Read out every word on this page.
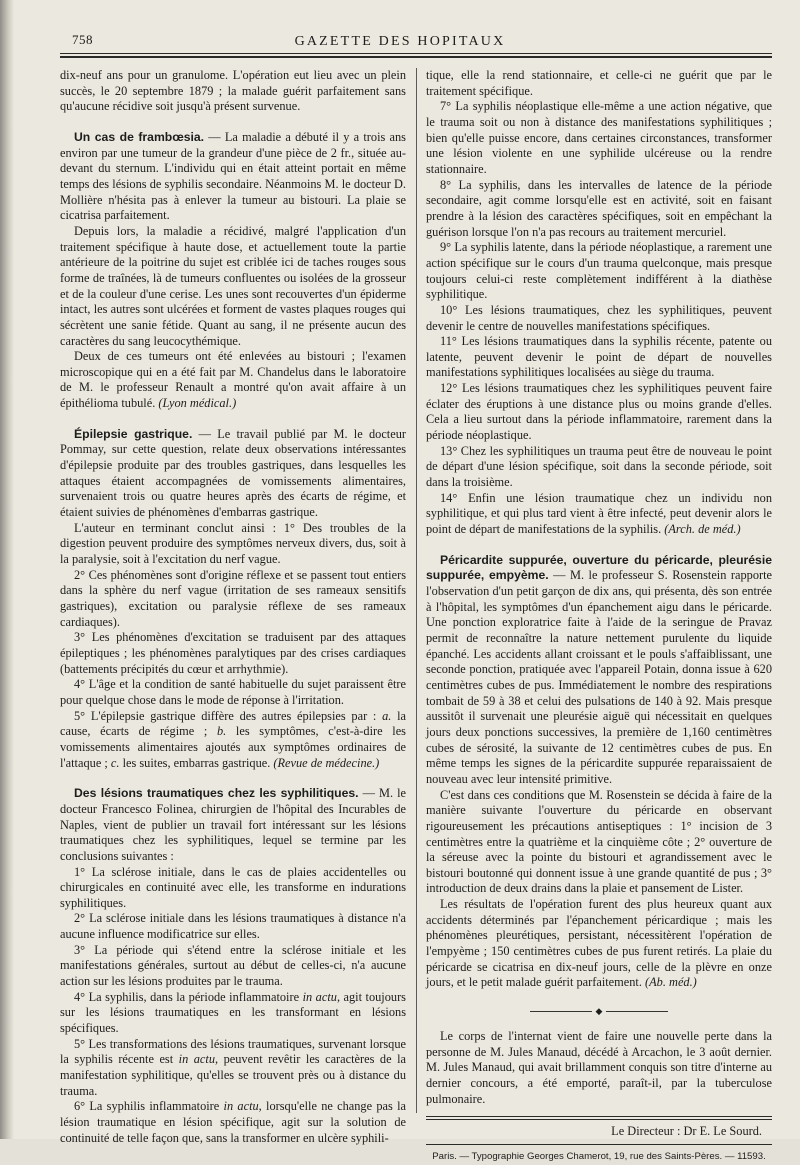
758	GAZETTE DES HOPITAUX

dix-neuf ans pour un granulome. L'opération eut lieu avec un plein succès, le 20 septembre 1879 ; la malade guérit parfaitement sans qu'aucune récidive soit jusqu'à présent survenue.

Un cas de frambœsia. — La maladie a débuté il y a trois ans environ par une tumeur de la grandeur d'une pièce de 2 fr., située au-devant du sternum. L'individu qui en était atteint portait en même temps des lésions de syphilis secondaire. Néanmoins M. le docteur D. Mollière n'hésita pas à enlever la tumeur au bistouri. La plaie se cicatrisa parfaitement.

Depuis lors, la maladie a récidivé, malgré l'application d'un traitement spécifique à haute dose, et actuellement toute la partie antérieure de la poitrine du sujet est criblée ici de taches rouges sous forme de traînées, là de tumeurs confluentes ou isolées de la grosseur et de la couleur d'une cerise. Les unes sont recouvertes d'un épiderme intact, les autres sont ulcérées et forment de vastes plaques rouges qui sécrètent une sanie fétide. Quant au sang, il ne présente aucun des caractères du sang leucocythémique.

Deux de ces tumeurs ont été enlevées au bistouri ; l'examen microscopique qui en a été fait par M. Chandelus dans le laboratoire de M. le professeur Renault a montré qu'on avait affaire à un épithélioma tubulé. (Lyon médical.)

Épilepsie gastrique. — Le travail publié par M. le docteur Pommay, sur cette question, relate deux observations intéressantes d'épilepsie produite par des troubles gastriques, dans lesquelles les attaques étaient accompagnées de vomissements alimentaires, survenaient trois ou quatre heures après des écarts de régime, et étaient suivies de phénomènes d'embarras gastrique.

L'auteur en terminant conclut ainsi : 1° Des troubles de la digestion peuvent produire des symptômes nerveux divers, dus, soit à la paralysie, soit à l'excitation du nerf vague.

2° Ces phénomènes sont d'origine réflexe et se passent tout entiers dans la sphère du nerf vague (irritation de ses rameaux sensitifs gastriques), excitation ou paralysie réflexe de ses rameaux cardiaques).

3° Les phénomènes d'excitation se traduisent par des attaques épileptiques ; les phénomènes paralytiques par des crises cardiaques (battements précipités du cœur et arrhythmie).

4° L'âge et la condition de santé habituelle du sujet paraissent être pour quelque chose dans le mode de réponse à l'irritation.

5° L'épilepsie gastrique diffère des autres épilepsies par : a. la cause, écarts de régime ; b. les symptômes, c'est-à-dire les vomissements alimentaires ajoutés aux symptômes ordinaires de l'attaque ; c. les suites, embarras gastrique. (Revue de médecine.)

Des lésions traumatiques chez les syphilitiques. — M. le docteur Francesco Folinea, chirurgien de l'hôpital des Incurables de Naples, vient de publier un travail fort intéressant sur les lésions traumatiques chez les syphilitiques, lequel se termine par les conclusions suivantes :

1° La sclérose initiale, dans le cas de plaies accidentelles ou chirurgicales en continuité avec elle, les transforme en indurations syphilitiques.

2° La sclérose initiale dans les lésions traumatiques à distance n'a aucune influence modificatrice sur elles.

3° La période qui s'étend entre la sclérose initiale et les manifestations générales, surtout au début de celles-ci, n'a aucune action sur les lésions produites par le trauma.

4° La syphilis, dans la période inflammatoire in actu, agit toujours sur les lésions traumatiques en les transformant en lésions spécifiques.

5° Les transformations des lésions traumatiques, survenant lorsque la syphilis récente est in actu, peuvent revêtir les caractères de la manifestation syphilitique, qu'elles se trouvent près ou à distance du trauma.

6° La syphilis inflammatoire in actu, lorsqu'elle ne change pas la lésion traumatique en lésion spécifique, agit sur la solution de continuité de telle façon que, sans la transformer en ulcère syphili-

tique, elle la rend stationnaire, et celle-ci ne guérit que par le traitement spécifique.

7° La syphilis néoplastique elle-même a une action négative, que le trauma soit ou non à distance des manifestations syphilitiques ; bien qu'elle puisse encore, dans certaines circonstances, transformer une lésion violente en une syphilide ulcéreuse ou la rendre stationnaire.

8° La syphilis, dans les intervalles de latence de la période secondaire, agit comme lorsqu'elle est en activité, soit en faisant prendre à la lésion des caractères spécifiques, soit en empêchant la guérison lorsque l'on n'a pas recours au traitement mercuriel.

9° La syphilis latente, dans la période néoplastique, a rarement une action spécifique sur le cours d'un trauma quelconque, mais presque toujours celui-ci reste complètement indifférent à la diathèse syphilitique.

10° Les lésions traumatiques, chez les syphilitiques, peuvent devenir le centre de nouvelles manifestations spécifiques.

11° Les lésions traumatiques dans la syphilis récente, patente ou latente, peuvent devenir le point de départ de nouvelles manifestations syphilitiques localisées au siège du trauma.

12° Les lésions traumatiques chez les syphilitiques peuvent faire éclater des éruptions à une distance plus ou moins grande d'elles. Cela a lieu surtout dans la période inflammatoire, rarement dans la période néoplastique.

13° Chez les syphilitiques un trauma peut être de nouveau le point de départ d'une lésion spécifique, soit dans la seconde période, soit dans la troisième.

14° Enfin une lésion traumatique chez un individu non syphilitique, et qui plus tard vient à être infecté, peut devenir alors le point de départ de manifestations de la syphilis. (Arch. de méd.)

Péricardite suppurée, ouverture du péricarde, pleurésie suppurée, empyème. — M. le professeur S. Rosenstein rapporte l'observation d'un petit garçon de dix ans, qui présenta, dès son entrée à l'hôpital, les symptômes d'un épanchement aigu dans le péricarde. Une ponction exploratrice faite à l'aide de la seringue de Pravaz permit de reconnaître la nature nettement purulente du liquide épanché. Les accidents allant croissant et le pouls s'affaiblissant, une seconde ponction, pratiquée avec l'appareil Potain, donna issue à 620 centimètres cubes de pus. Immédiatement le nombre des respirations tombait de 59 à 38 et celui des pulsations de 140 à 92. Mais presque aussitôt il survenait une pleurésie aiguë qui nécessitait en quelques jours deux ponctions successives, la première de 1,160 centimètres cubes de sérosité, la suivante de 12 centimètres cubes de pus. En même temps les signes de la péricardite suppurée reparaissaient de nouveau avec leur intensité primitive.

C'est dans ces conditions que M. Rosenstein se décida à faire de la manière suivante l'ouverture du péricarde en observant rigoureusement les précautions antiseptiques : 1° incision de 3 centimètres entre la quatrième et la cinquième côte ; 2° ouverture de la séreuse avec la pointe du bistouri et agrandissement avec le bistouri boutonné qui donnent issue à une grande quantité de pus ; 3° introduction de deux drains dans la plaie et pansement de Lister.

Les résultats de l'opération furent des plus heureux quant aux accidents déterminés par l'épanchement péricardique ; mais les phénomènes pleurétiques, persistant, nécessitèrent l'opération de l'empyème ; 150 centimètres cubes de pus furent retirés. La plaie du péricarde se cicatrisa en dix-neuf jours, celle de la plèvre en onze jours, et le petit malade guérit parfaitement. (Ab. méd.)

◆

Le corps de l'internat vient de faire une nouvelle perte dans la personne de M. Jules Manaud, décédé à Arcachon, le 3 août dernier. M. Jules Manaud, qui avait brillamment conquis son titre d'interne au dernier concours, a été emporté, paraît-il, par la tuberculose pulmonaire.

Le Directeur : Dr E. Le Sourd.
Paris. — Typographie Georges Chamerot, 19, rue des Saints-Pères. — 11593.
